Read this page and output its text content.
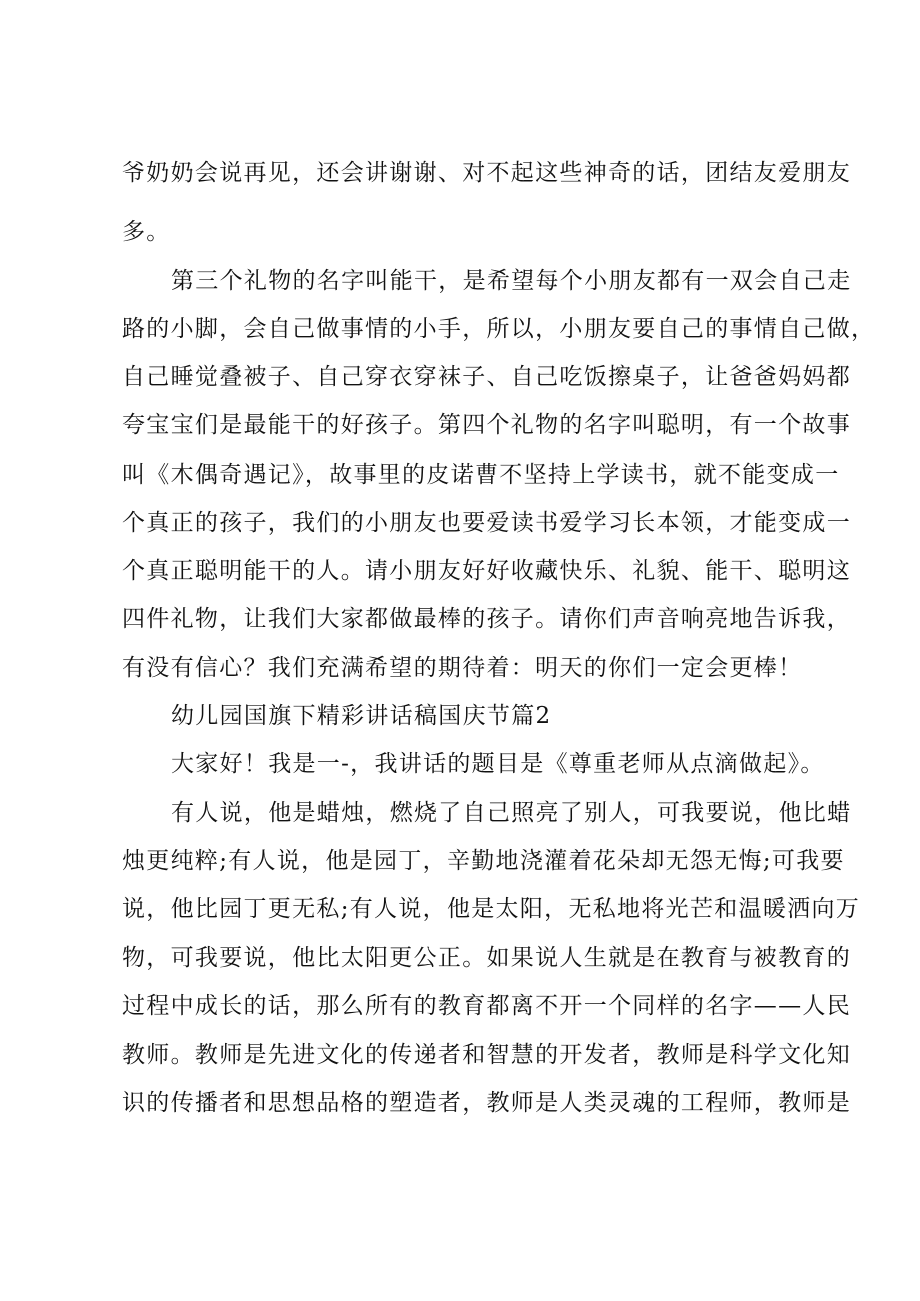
爷奶奶会说再见，还会讲谢谢、对不起这些神奇的话，团结友爱朋友
多。
第三个礼物的名字叫能干，是希望每个小朋友都有一双会自己走
路的小脚，会自己做事情的小手，所以，小朋友要自己的事情自己做，
自己睡觉叠被子、自己穿衣穿袜子、自己吃饭擦桌子，让爸爸妈妈都
夸宝宝们是最能干的好孩子。第四个礼物的名字叫聪明，有一个故事
叫《木偶奇遇记》，故事里的皮诺曹不坚持上学读书，就不能变成一
个真正的孩子，我们的小朋友也要爱读书爱学习长本领，才能变成一
个真正聪明能干的人。请小朋友好好收藏快乐、礼貌、能干、聪明这
四件礼物，让我们大家都做最棒的孩子。请你们声音响亮地告诉我，
有没有信心？我们充满希望的期待着：明天的你们一定会更棒！
幼儿园国旗下精彩讲话稿国庆节篇2
大家好！我是一-，我讲话的题目是《尊重老师从点滴做起》。
有人说，他是蜡烛，燃烧了自己照亮了别人，可我要说，他比蜡
烛更纯粹;有人说，他是园丁，辛勤地浇灌着花朵却无怨无悔;可我要
说，他比园丁更无私;有人说，他是太阳，无私地将光芒和温暖洒向万
物，可我要说，他比太阳更公正。如果说人生就是在教育与被教育的
过程中成长的话，那么所有的教育都离不开一个同样的名字——人民
教师。教师是先进文化的传递者和智慧的开发者，教师是科学文化知
识的传播者和思想品格的塑造者，教师是人类灵魂的工程师，教师是
